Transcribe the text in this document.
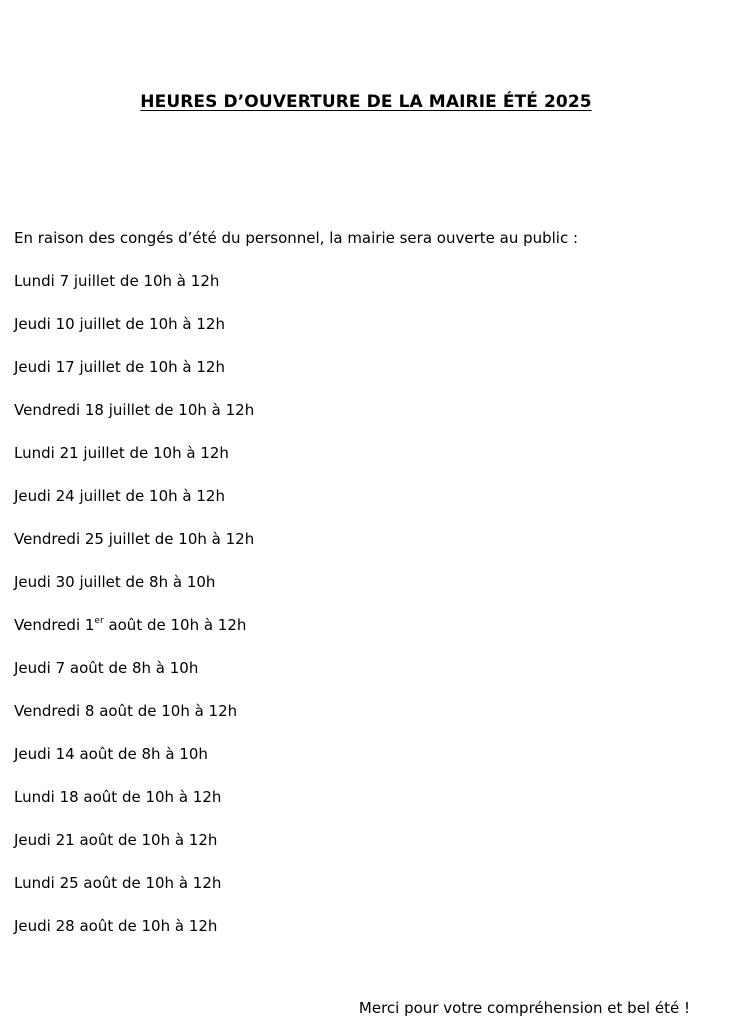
HEURES D’OUVERTURE DE LA MAIRIE ÉTÉ 2025
En raison des congés d’été du personnel, la mairie sera ouverte au public :
Lundi 7 juillet de 10h à 12h
Jeudi 10 juillet de 10h à 12h
Jeudi 17 juillet de 10h à 12h
Vendredi 18 juillet de 10h à 12h
Lundi 21 juillet de 10h à 12h
Jeudi 24 juillet de 10h à 12h
Vendredi 25 juillet de 10h à 12h
Jeudi 30 juillet de 8h à 10h
Vendredi 1er août de 10h à 12h
Jeudi 7 août de 8h à 10h
Vendredi 8 août de 10h à 12h
Jeudi 14 août de 8h à 10h
Lundi 18 août de 10h à 12h
Jeudi 21 août de 10h à 12h
Lundi 25 août de 10h à 12h
Jeudi 28 août de 10h à 12h
Merci pour votre compréhension et bel été !
